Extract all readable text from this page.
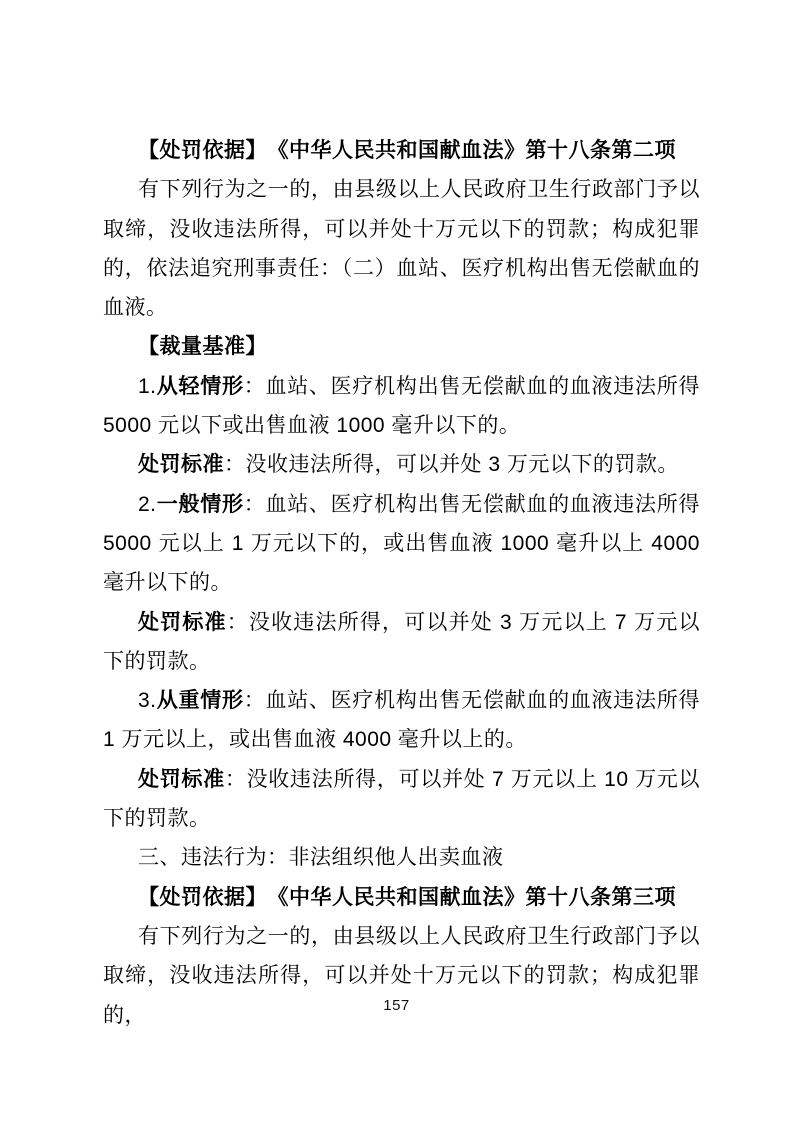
【处罚依据】　《中华人民共和国献血法》第十八条第二项

有下列行为之一的，由县级以上人民政府卫生行政部门予以取缔，没收违法所得，可以并处十万元以下的罚款；构成犯罪的，依法追究刑事责任：（二）血站、医疗机构出售无偿献血的血液。

【裁量基准】

1.从轻情形：血站、医疗机构出售无偿献血的血液违法所得 5000 元以下或出售血液 1000 毫升以下的。

处罚标准：没收违法所得，可以并处 3 万元以下的罚款。

2.一般情形：血站、医疗机构出售无偿献血的血液违法所得 5000 元以上 1 万元以下的，或出售血液 1000 毫升以上 4000 毫升以下的。

处罚标准：没收违法所得，可以并处 3 万元以上 7 万元以下的罚款。

3.从重情形：血站、医疗机构出售无偿献血的血液违法所得 1 万元以上，或出售血液 4000 毫升以上的。

处罚标准：没收违法所得，可以并处 7 万元以上 10 万元以下的罚款。

三、违法行为：非法组织他人出卖血液

【处罚依据】　《中华人民共和国献血法》第十八条第三项

有下列行为之一的，由县级以上人民政府卫生行政部门予以取缔，没收违法所得，可以并处十万元以下的罚款；构成犯罪的，	157
